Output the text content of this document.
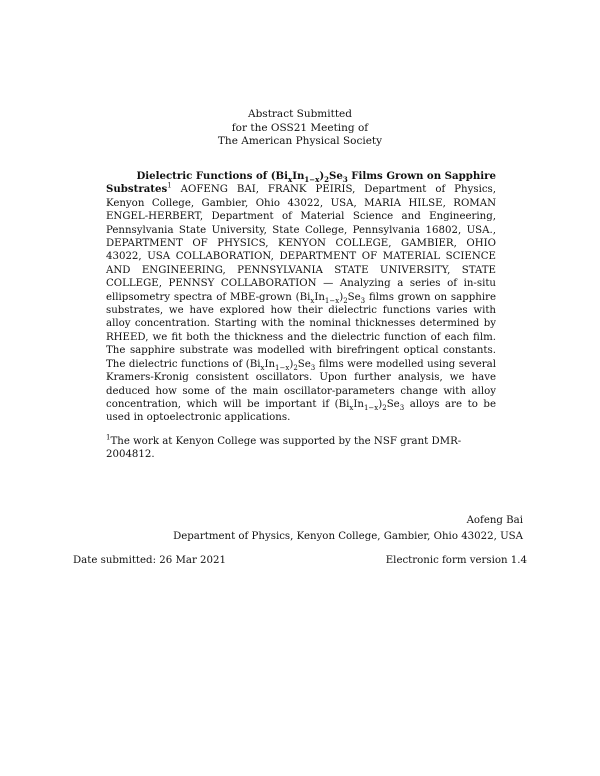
Abstract Submitted
for the OSS21 Meeting of
The American Physical Society
Dielectric Functions of $(Bi_xIn_{1-x})_2Se_3$ Films Grown on Sapphire
Substrates$^1$ AOFENG BAI, FRANK PEIRIS, Department of Physics, Kenyon College, Gambier, Ohio 43022, USA, MARIA HILSE, ROMAN ENGEL-HERBERT, Department of Material Science and Engineering, Pennsylvania State University, State College, Pennsylvania 16802, USA., DEPARTMENT OF PHYSICS, KENYON COLLEGE, GAMBIER, OHIO 43022, USA COLLABORATION, DEPARTMENT OF MATERIAL SCIENCE AND ENGINEERING, PENNSYLVANIA STATE UNIVERSITY, STATE COLLEGE, PENNSY COLLABORATION — Analyzing a series of in-situ ellipsometry spectra of MBE-grown $(Bi_xIn_{1-x})_2Se_3$ films grown on sapphire substrates, we have explored how their dielectric functions varies with alloy concentration. Starting with the nominal thicknesses determined by RHEED, we fit both the thickness and the dielectric function of each film. The sapphire substrate was modelled with birefringent optical constants. The dielectric functions of $(Bi_xIn_{1-x})_2Se_3$ films were modelled using several Kramers-Kronig consistent oscillators. Upon further analysis, we have deduced how some of the main oscillator-parameters change with alloy concentration, which will be important if $(Bi_xIn_{1-x})_2Se_3$ alloys are to be used in optoelectronic applications.
$^1$The work at Kenyon College was supported by the NSF grant DMR-2004812.
Aofeng Bai
Department of Physics, Kenyon College, Gambier, Ohio 43022, USA
Date submitted: 26 Mar 2021	Electronic form version 1.4
